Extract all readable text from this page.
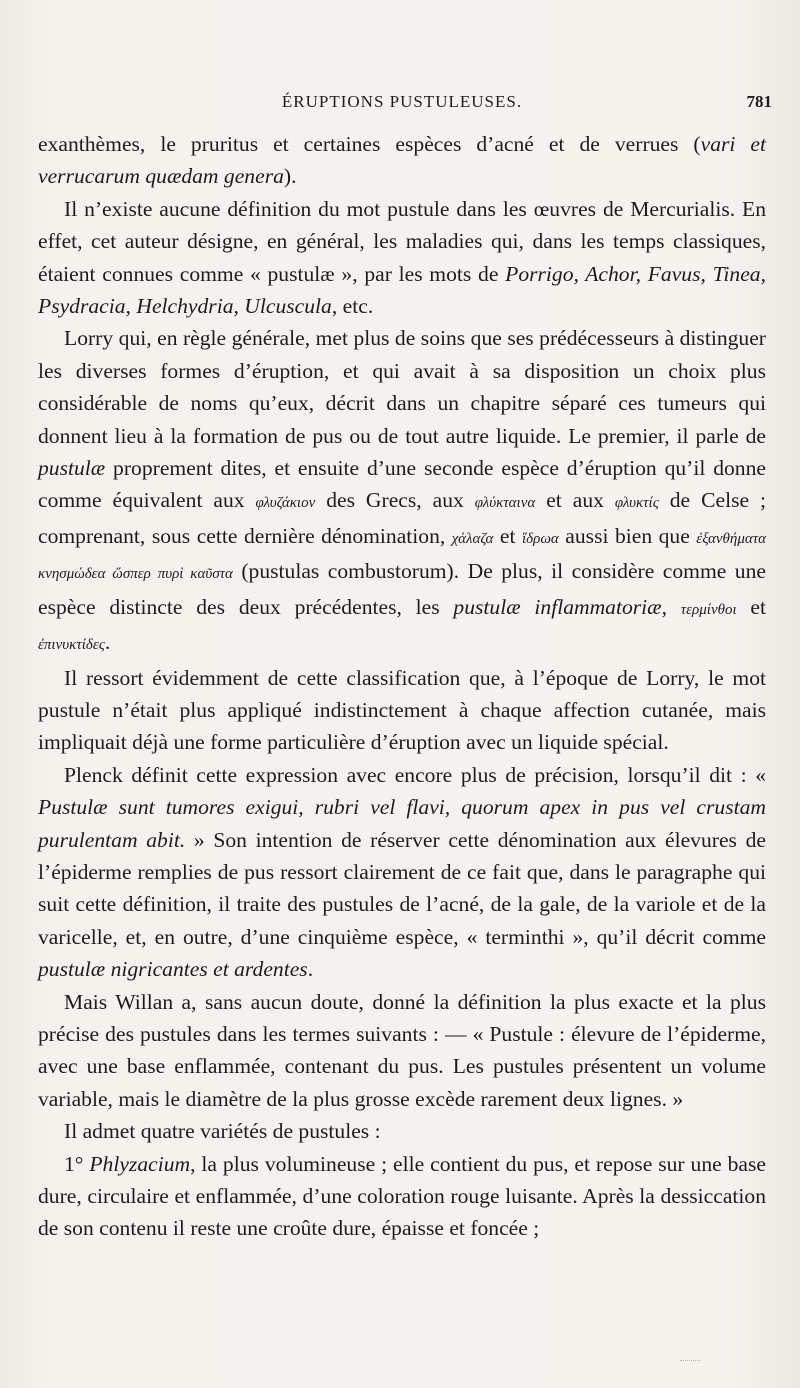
ÉRUPTIONS PUSTULEUSES.	781

exanthèmes, le pruritus et certaines espèces d’acné et de verrues (vari et verrucarum quædam genera).

Il n’existe aucune définition du mot pustule dans les œuvres de Mercurialis. En effet, cet auteur désigne, en général, les maladies qui, dans les temps classiques, étaient connues comme « pustulæ », par les mots de Porrigo, Achor, Favus, Tinea, Psydracia, Helchydria, Ulcuscula, etc.

Lorry qui, en règle générale, met plus de soins que ses prédécesseurs à distinguer les diverses formes d’éruption, et qui avait à sa disposition un choix plus considérable de noms qu’eux, décrit dans un chapitre séparé ces tumeurs qui donnent lieu à la formation de pus ou de tout autre liquide. Le premier, il parle de pustulæ proprement dites, et ensuite d’une seconde espèce d’éruption qu’il donne comme équivalent aux φλυζάκιον des Grecs, aux φλύκταινα et aux φλυκτίς de Celse ; comprenant, sous cette dernière dénomination, χάλαζα et ἵδρωα aussi bien que ἐξανθήματα κνησμώδεα ὥσπερ πυρὶ καῦστα (pustulas combustorum). De plus, il considère comme une espèce distincte des deux précédentes, les pustulæ inflammatoriæ, τερμίνθοι et ἐπινυκτίδες.

Il ressort évidemment de cette classification que, à l’époque de Lorry, le mot pustule n’était plus appliqué indistinctement à chaque affection cutanée, mais impliquait déjà une forme particulière d’éruption avec un liquide spécial.

Plenck définit cette expression avec encore plus de précision, lorsqu’il dit : « Pustulæ sunt tumores exigui, rubri vel flavi, quorum apex in pus vel crustam purulentam abit. » Son intention de réserver cette dénomination aux élevures de l’épiderme remplies de pus ressort clairement de ce fait que, dans le paragraphe qui suit cette définition, il traite des pustules de l’acné, de la gale, de la variole et de la varicelle, et, en outre, d’une cinquième espèce, « terminthi », qu’il décrit comme pustulæ nigricantes et ardentes.

Mais Willan a, sans aucun doute, donné la définition la plus exacte et la plus précise des pustules dans les termes suivants : — « Pustule : élevure de l’épiderme, avec une base enflammée, contenant du pus. Les pustules présentent un volume variable, mais le diamètre de la plus grosse excède rarement deux lignes. »

Il admet quatre variétés de pustules :

1° Phlyzacium, la plus volumineuse ; elle contient du pus, et repose sur une base dure, circulaire et enflammée, d’une coloration rouge luisante. Après la dessiccation de son contenu il reste une croûte dure, épaisse et foncée ;
